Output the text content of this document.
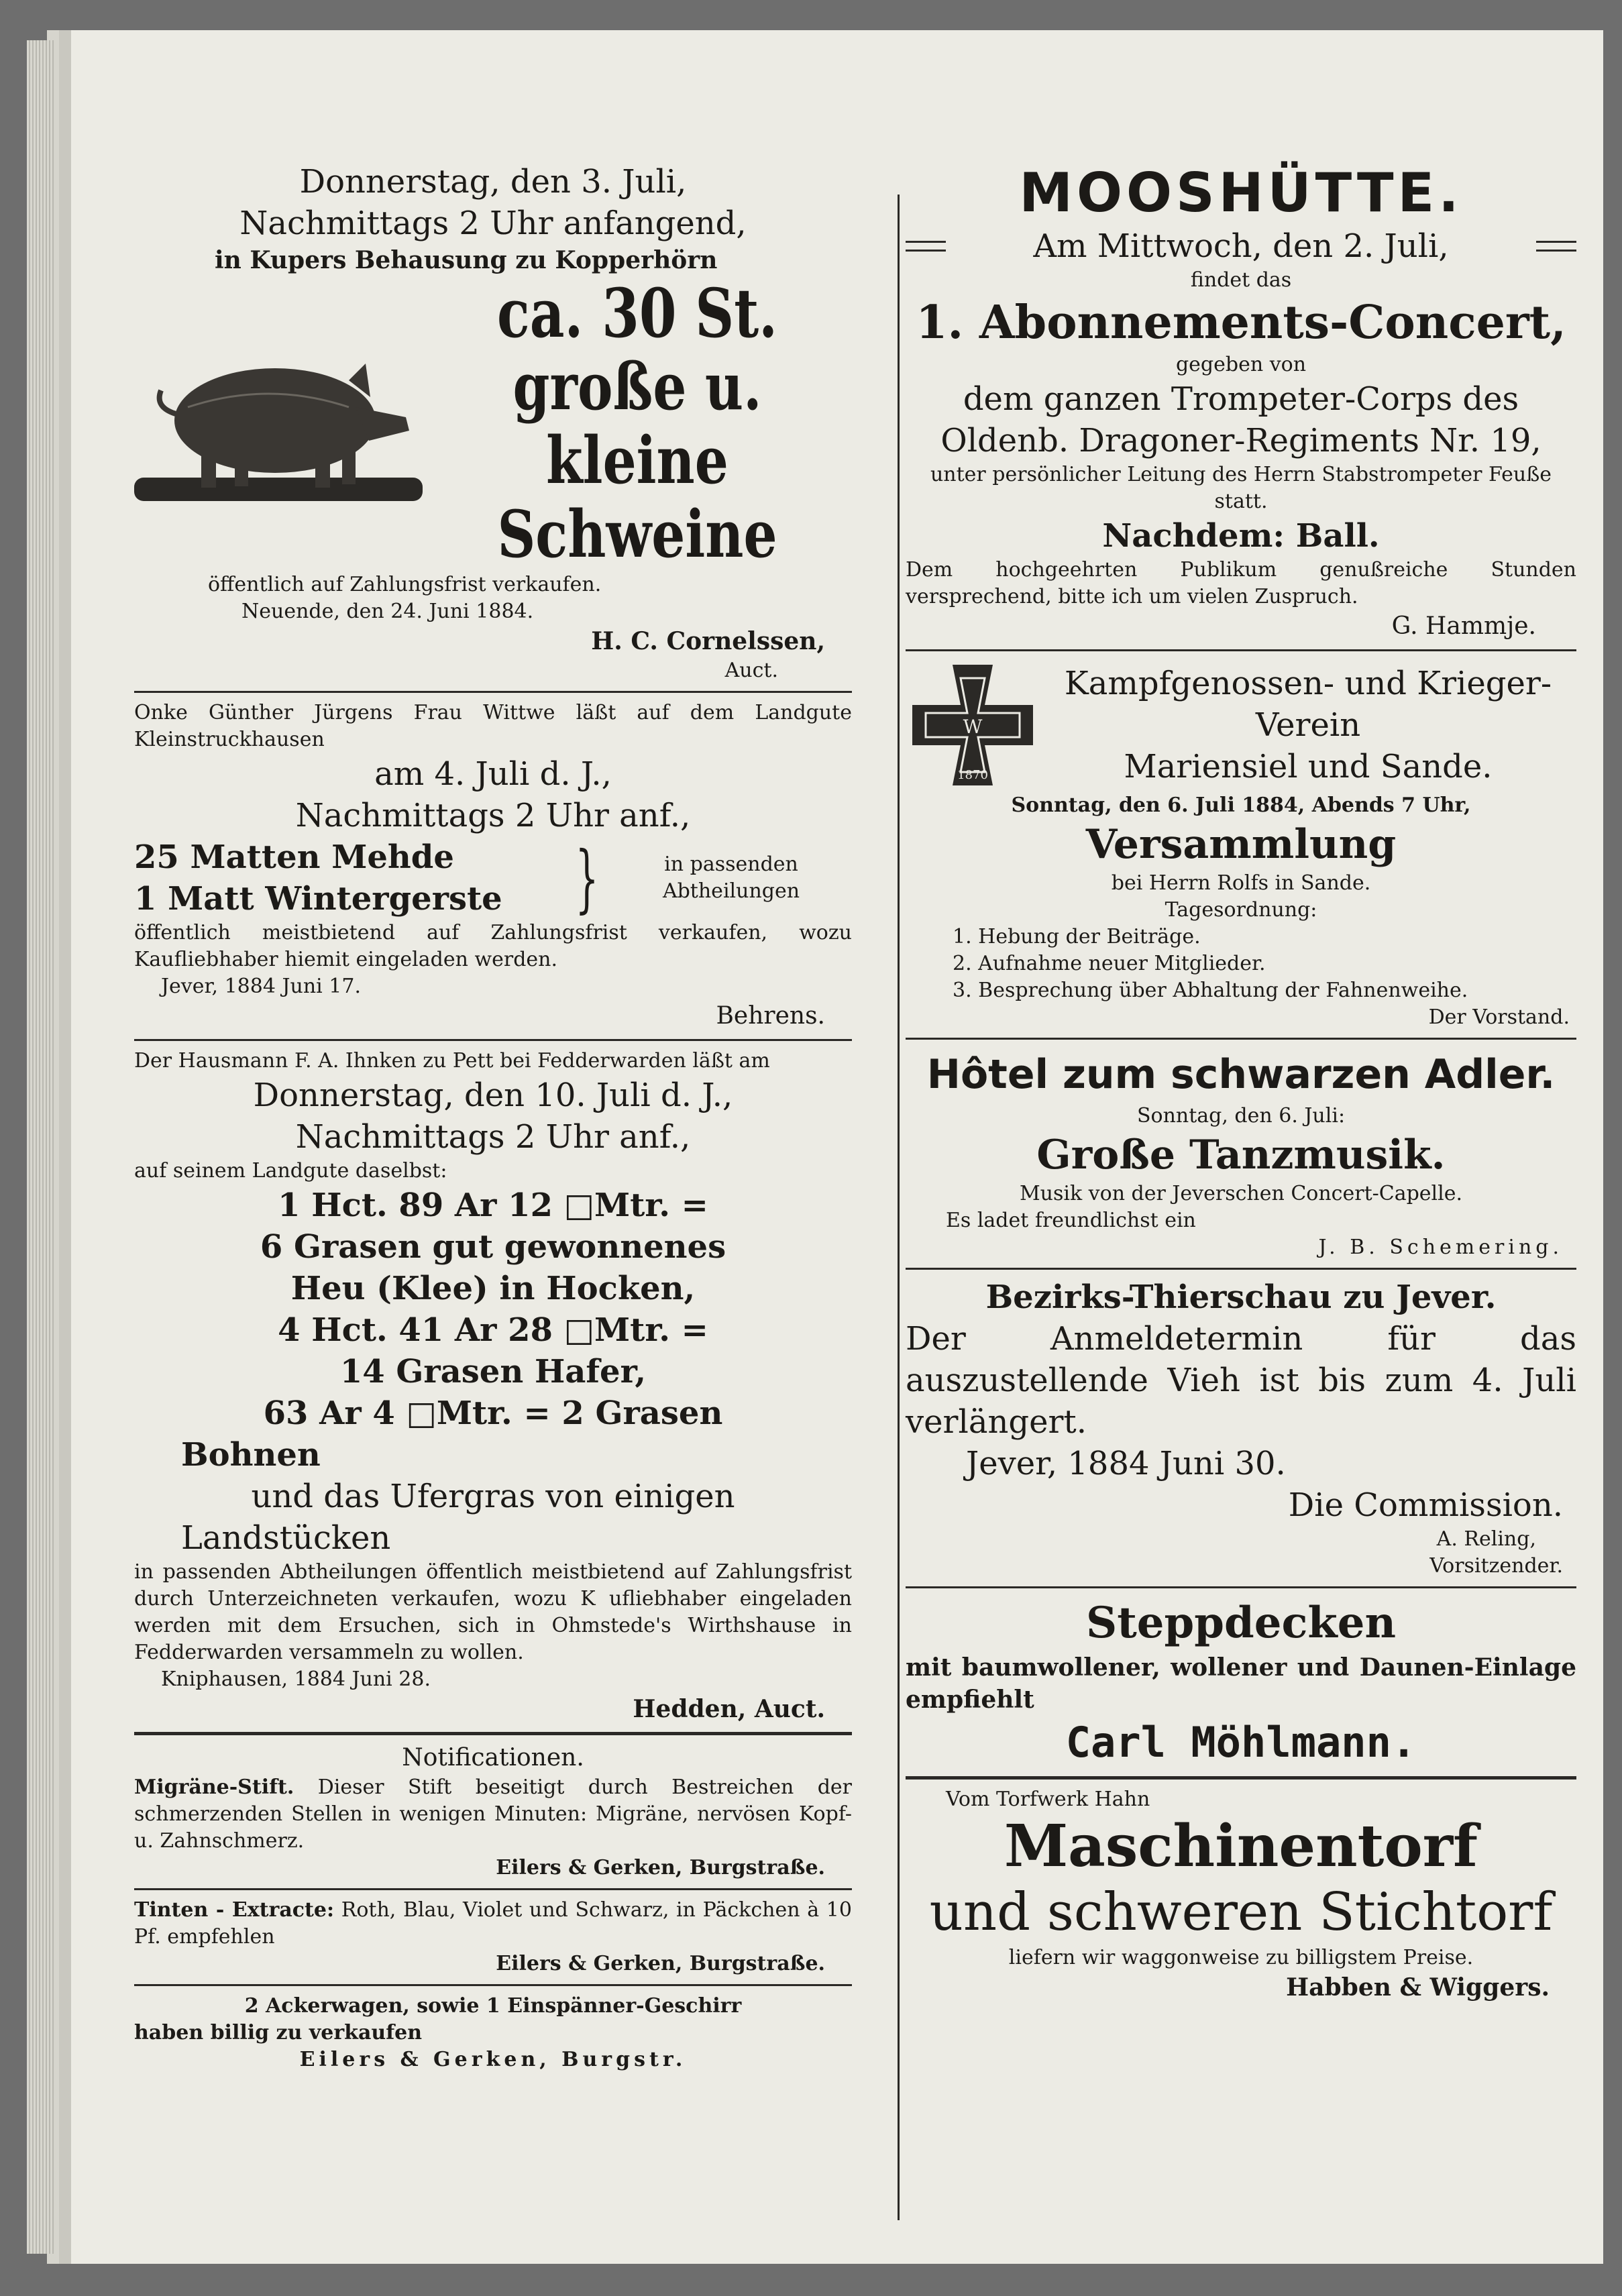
Donnerstag, den 3. Juli,
Nachmittags 2 Uhr anfangend,
in Kupers Behausung zu Kopperhörn
ca. 30 St.
große u. kleine
Schweine
öffentlich auf Zahlungsfrist verkaufen.
Neuende, den 24. Juni 1884.
H. C. Cornelssen,
Auct.
Onke Günther Jürgens Frau Wittwe läßt auf dem Landgute Kleinstruckhausen
am 4. Juli d. J.,
Nachmittags 2 Uhr anf.,
25 Matten Mehde
1 Matt Wintergerste }	in passenden Abtheilungen
öffentlich meistbietend auf Zahlungsfrist verkaufen, wozu Kaufliebhaber hiemit eingeladen werden.
Jever, 1884 Juni 17.
Behrens.
Der Hausmann F. A. Ihnken zu Pett bei Fedderwarden läßt am
Donnerstag, den 10. Juli d. J.,
Nachmittags 2 Uhr anf.,
auf seinem Landgute daselbst:
1 Hct. 89 Ar 12 □Mtr. =
6 Grasen gut gewonnenes
Heu (Klee) in Hocken,
4 Hct. 41 Ar 28 □Mtr. =
14 Grasen Hafer,
63 Ar 4 □Mtr. = 2 Grasen
Bohnen
und das Ufergras von einigen
Landstücken
in passenden Abtheilungen öffentlich meistbietend auf Zahlungsfrist durch Unterzeichneten verkaufen, wozu K ufliebhaber eingeladen werden mit dem Ersuchen, sich in Ohmstede's Wirthshause in Fedderwarden versammeln zu wollen.
Kniphausen, 1884 Juni 28.
Hedden, Auct.
Notificationen.
Migräne-Stift. Dieser Stift beseitigt durch Bestreichen der schmerzenden Stellen in wenigen Minuten: Migräne, nervösen Kopf- u. Zahnschmerz.
Eilers & Gerken, Burgstraße.
Tinten - Extracte: Roth, Blau, Violet und Schwarz, in Päckchen à 10 Pf. empfehlen
Eilers & Gerken, Burgstraße.
2 Ackerwagen, sowie 1 Einspänner-Geschirr
haben billig zu verkaufen
Eilers & Gerken, Burgstr.
MOOSHÜTTE.
Am Mittwoch, den 2. Juli,
findet das
1. Abonnements-Concert,
gegeben von
dem ganzen Trompeter-Corps des
Oldenb. Dragoner-Regiments Nr. 19,
unter persönlicher Leitung des Herrn Stabstrompeter Feuße statt.
Nachdem: Ball.
Dem hochgeehrten Publikum genußreiche Stunden versprechend, bitte ich um vielen Zuspruch.
G. Hammje.
W
1870
Kampfgenossen- und Krieger-
Verein
Mariensiel und Sande.
Sonntag, den 6. Juli 1884, Abends 7 Uhr,
Versammlung
bei Herrn Rolfs in Sande.
Tagesordnung:
1. Hebung der Beiträge.
2. Aufnahme neuer Mitglieder.
3. Besprechung über Abhaltung der Fahnenweihe.
Der Vorstand.
Hôtel zum schwarzen Adler.
Sonntag, den 6. Juli:
Große Tanzmusik.
Musik von der Jeverschen Concert-Capelle.
Es ladet freundlichst ein
J. B. Schemering.
Bezirks-Thierschau zu Jever.
Der Anmeldetermin für das auszustellende Vieh ist bis zum 4. Juli verlängert.
Jever, 1884 Juni 30.
Die Commission.
A. Reling,
Vorsitzender.
Steppdecken
mit baumwollener, wollener und Daunen-Einlage empfiehlt
Carl Möhlmann.
Vom Torfwerk Hahn
Maschinentorf
und schweren Stichtorf
liefern wir waggonweise zu billigstem Preise.
Habben & Wiggers.
